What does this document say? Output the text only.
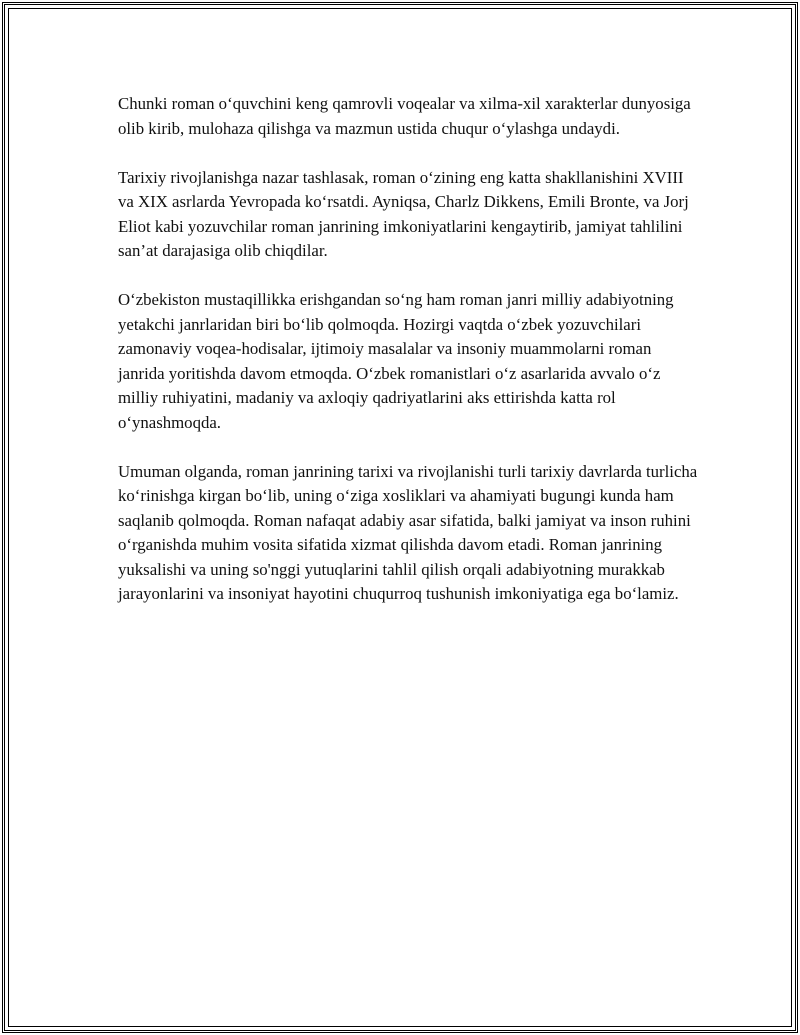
Chunki roman o‘quvchini keng qamrovli voqealar va xilma-xil xarakterlar dunyosiga olib kirib, mulohaza qilishga va mazmun ustida chuqur o‘ylashga undaydi.

Tarixiy rivojlanishga nazar tashlasak, roman o‘zining eng katta shakllanishini XVIII va XIX asrlarda Yevropada ko‘rsatdi. Ayniqsa, Charlz Dikkens, Emili Bronte, va Jorj Eliot kabi yozuvchilar roman janrining imkoniyatlarini kengaytirib, jamiyat tahlilini san’at darajasiga olib chiqdilar.

O‘zbekiston mustaqillikka erishgandan so‘ng ham roman janri milliy adabiyotning yetakchi janrlaridan biri bo‘lib qolmoqda. Hozirgi vaqtda o‘zbek yozuvchilari zamonaviy voqea-hodisalar, ijtimoiy masalalar va insoniy muammolarni roman janrida yoritishda davom etmoqda. O‘zbek romanistlari o‘z asarlarida avvalo o‘z milliy ruhiyatini, madaniy va axloqiy qadriyatlarini aks ettirishda katta rol o‘ynashmoqda.

Umuman olganda, roman janrining tarixi va rivojlanishi turli tarixiy davrlarda turlicha ko‘rinishga kirgan bo‘lib, uning o‘ziga xosliklari va ahamiyati bugungi kunda ham saqlanib qolmoqda. Roman nafaqat adabiy asar sifatida, balki jamiyat va inson ruhini o‘rganishda muhim vosita sifatida xizmat qilishda davom etadi. Roman janrining yuksalishi va uning so'nggi yutuqlarini tahlil qilish orqali adabiyotning murakkab jarayonlarini va insoniyat hayotini chuqurroq tushunish imkoniyatiga ega bo‘lamiz.
